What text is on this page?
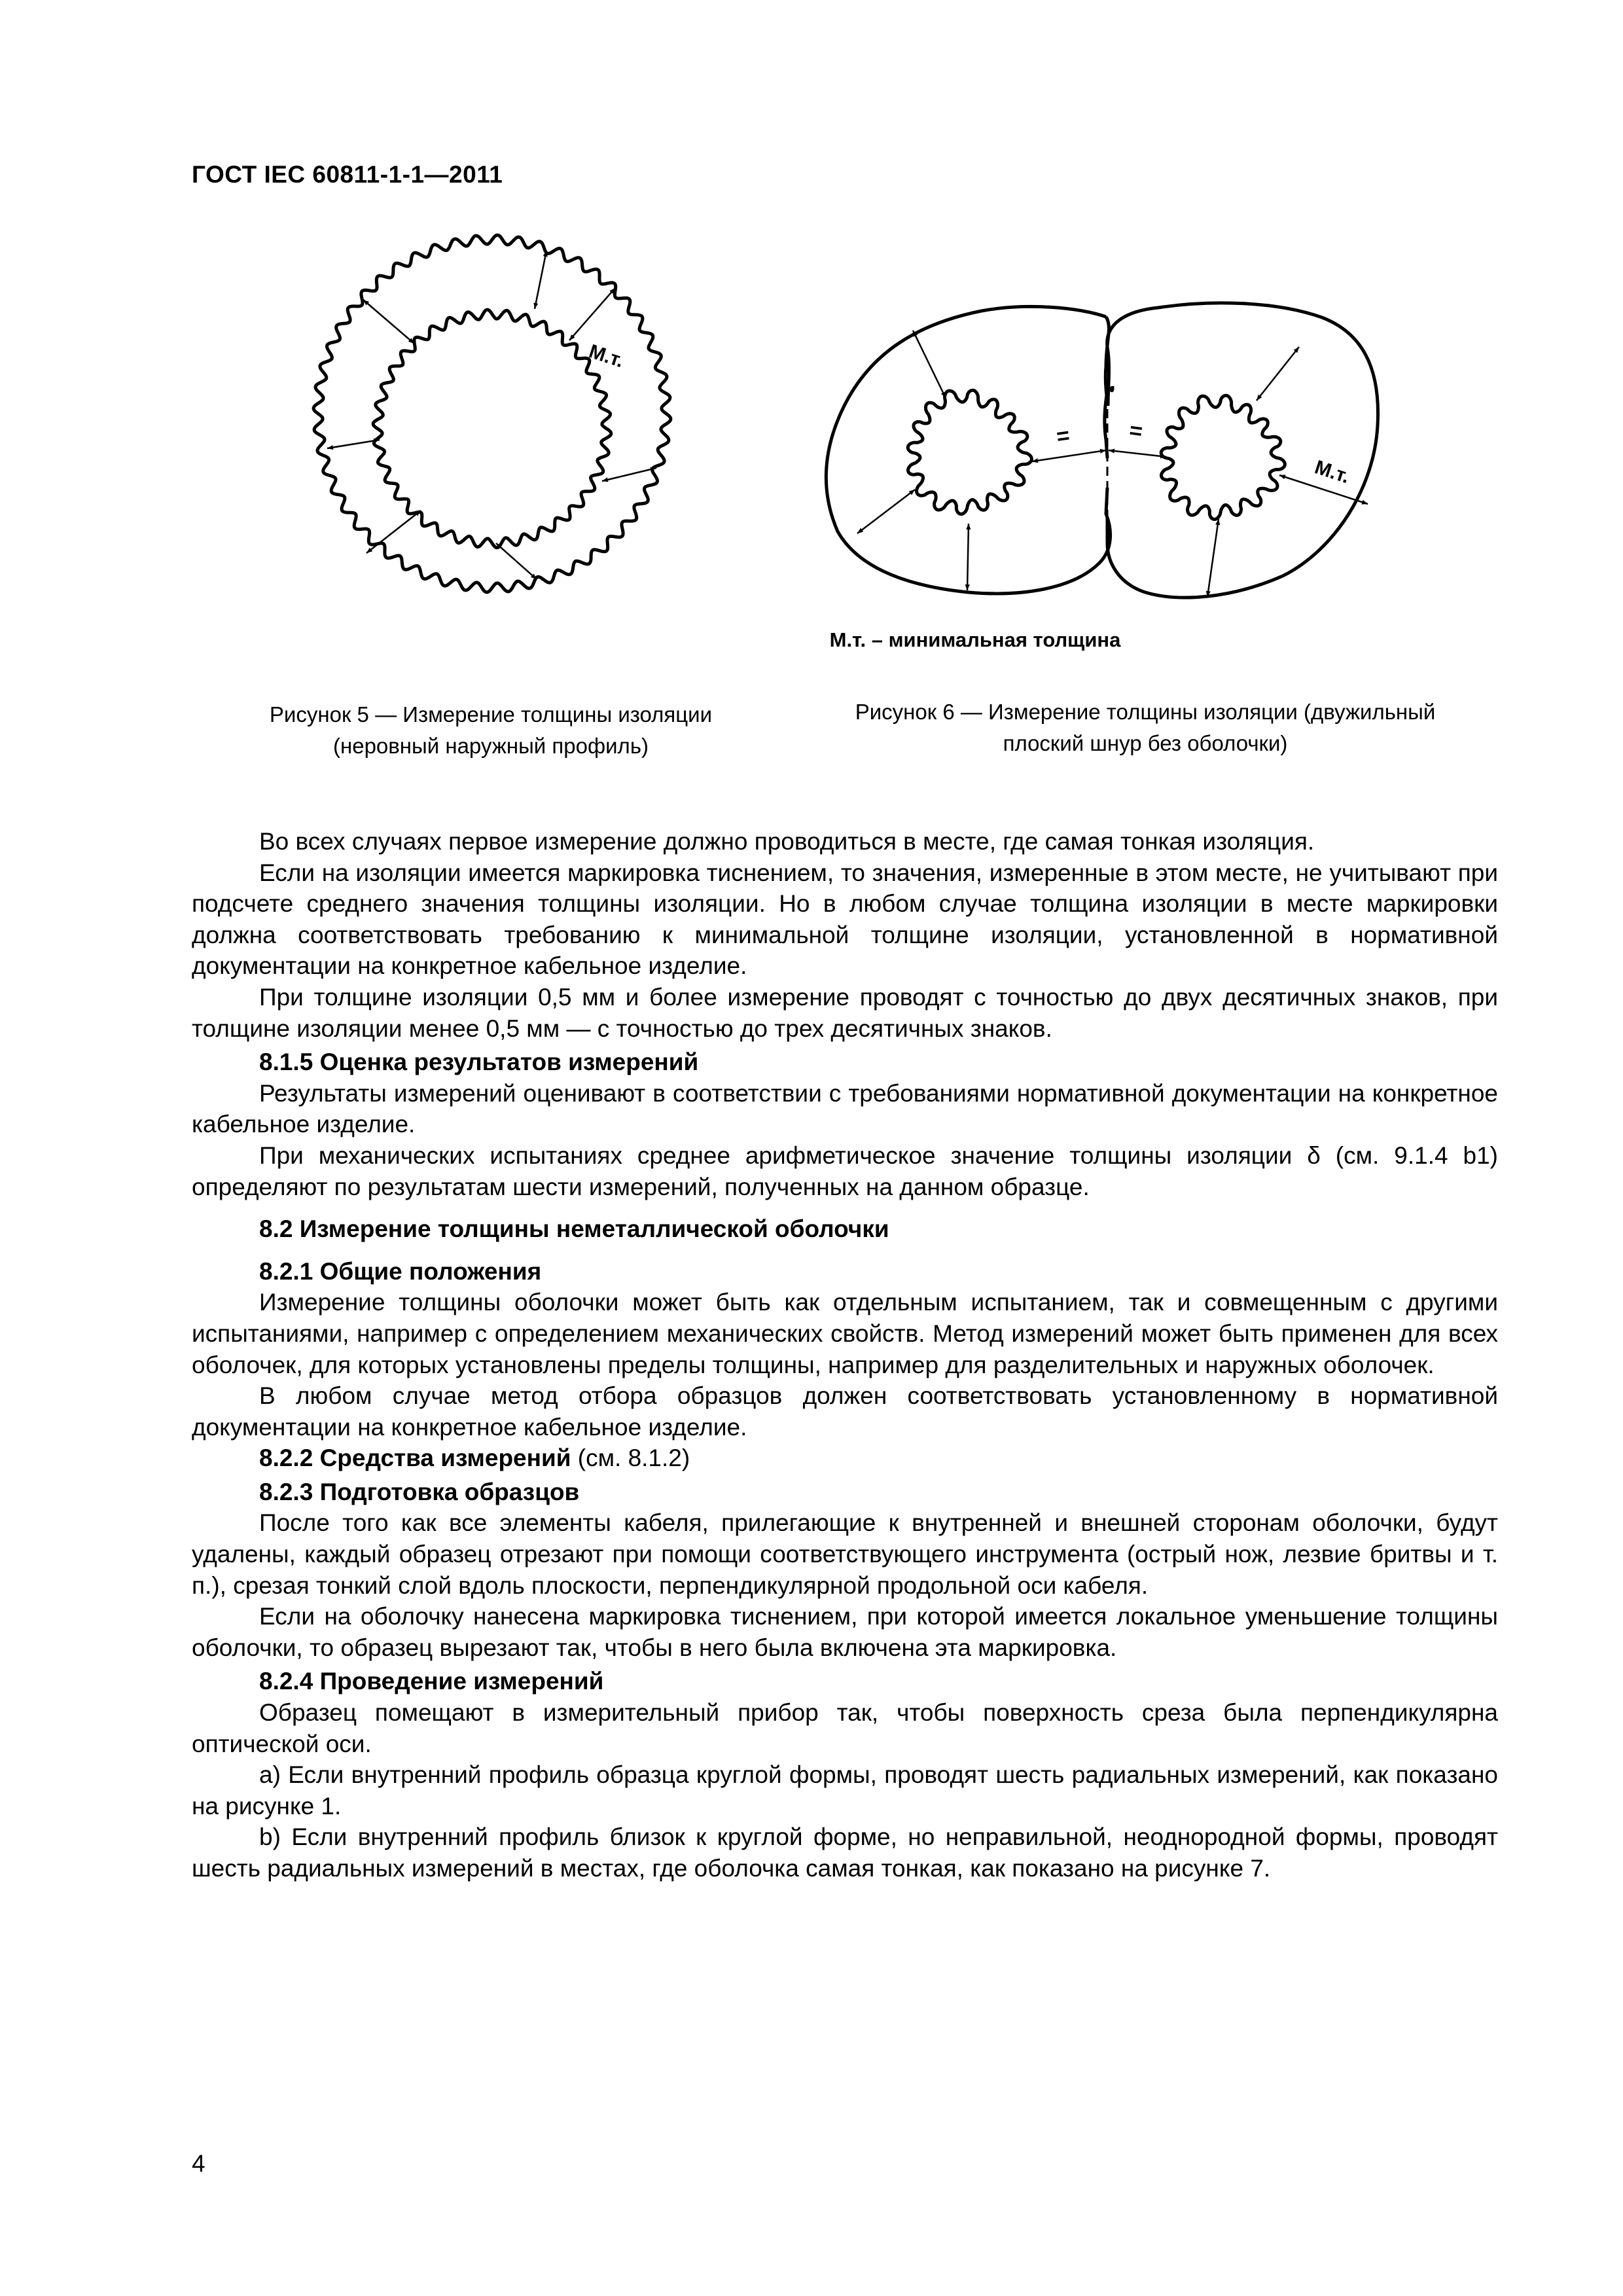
ГОСТ IEC 60811-1-1—2011
М.т.
=	=
М.т.
М.т. – минимальная толщина
Рисунок 5 — Измерение толщины изоляции
(неровный наружный профиль)
Рисунок 6 — Измерение толщины изоляции (двужильный
плоский шнур без оболочки)

Во всех случаях первое измерение должно проводиться в месте, где самая тонкая изоляция.

Если на изоляции имеется маркировка тиснением, то значения, измеренные в этом месте, не учитывают при подсчете среднего значения толщины изоляции. Но в любом случае толщина изоляции в месте маркировки должна соответствовать требованию к минимальной толщине изоляции, установленной в нормативной документации на конкретное кабельное изделие.

При толщине изоляции 0,5 мм и более измерение проводят с точностью до двух десятичных знаков, при толщине изоляции менее 0,5 мм — с точностью до трех десятичных знаков.

8.1.5 Оценка результатов измерений

Результаты измерений оценивают в соответствии с требованиями нормативной документации на конкретное кабельное изделие.

При механических испытаниях среднее арифметическое значение толщины изоляции δ (см. 9.1.4 b1) определяют по результатам шести измерений, полученных на данном образце.

8.2 Измерение толщины неметаллической оболочки

8.2.1 Общие положения

Измерение толщины оболочки может быть как отдельным испытанием, так и совмещенным с другими испытаниями, например с определением механических свойств. Метод измерений может быть применен для всех оболочек, для которых установлены пределы толщины, например для разделительных и наружных оболочек.

В любом случае метод отбора образцов должен соответствовать установленному в нормативной документации на конкретное кабельное изделие.

8.2.2 Средства измерений (см. 8.1.2)

8.2.3 Подготовка образцов

После того как все элементы кабеля, прилегающие к внутренней и внешней сторонам оболочки, будут удалены, каждый образец отрезают при помощи соответствующего инструмента (острый нож, лезвие бритвы и т. п.), срезая тонкий слой вдоль плоскости, перпендикулярной продольной оси кабеля.

Если на оболочку нанесена маркировка тиснением, при которой имеется локальное уменьшение толщины оболочки, то образец вырезают так, чтобы в него была включена эта маркировка.

8.2.4 Проведение измерений

Образец помещают в измерительный прибор так, чтобы поверхность среза была перпендикулярна оптической оси.

а) Если внутренний профиль образца круглой формы, проводят шесть радиальных измерений, как показано на рисунке 1.

b) Если внутренний профиль близок к круглой форме, но неправильной, неоднородной формы, проводят шесть радиальных измерений в местах, где оболочка самая тонкая, как показано на рисунке 7.

4
